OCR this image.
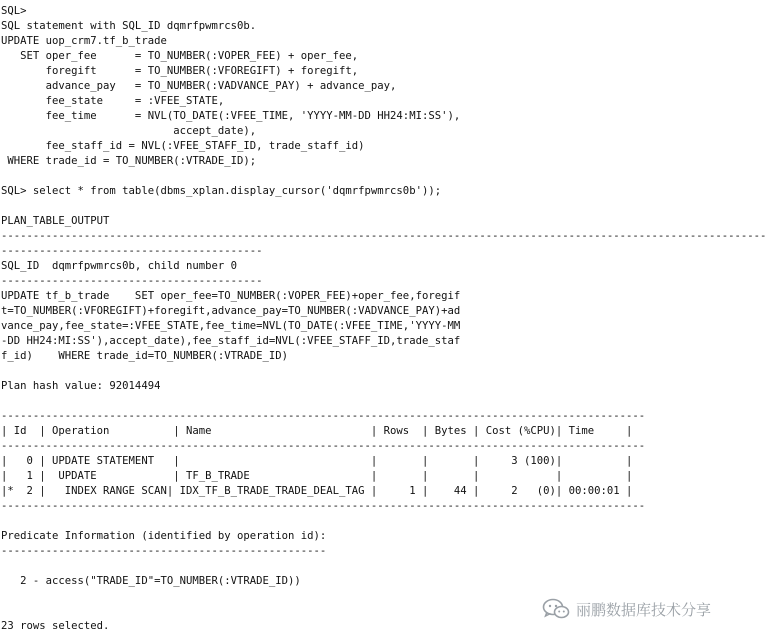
SQL>
SQL statement with SQL_ID dqmrfpwmrcs0b.
UPDATE uop_crm7.tf_b_trade
SET oper_fee      = TO_NUMBER(:VOPER_FEE) + oper_fee,
foregift      = TO_NUMBER(:VFOREGIFT) + foregift,
advance_pay   = TO_NUMBER(:VADVANCE_PAY) + advance_pay,
fee_state     = :VFEE_STATE,
fee_time      = NVL(TO_DATE(:VFEE_TIME, 'YYYY-MM-DD HH24:MI:SS'),
accept_date),
fee_staff_id = NVL(:VFEE_STAFF_ID, trade_staff_id)
WHERE trade_id = TO_NUMBER(:VTRADE_ID);
SQL> select * from table(dbms_xplan.display_cursor('dqmrfpwmrcs0b'));
PLAN_TABLE_OUTPUT
------------------------------------------------------------------------------------------------------------------------
-----------------------------------------
SQL_ID  dqmrfpwmrcs0b, child number 0
-----------------------------------------
UPDATE tf_b_trade    SET oper_fee=TO_NUMBER(:VOPER_FEE)+oper_fee,foregif
t=TO_NUMBER(:VFOREGIFT)+foregift,advance_pay=TO_NUMBER(:VADVANCE_PAY)+ad
vance_pay,fee_state=:VFEE_STATE,fee_time=NVL(TO_DATE(:VFEE_TIME,'YYYY-MM
-DD HH24:MI:SS'),accept_date),fee_staff_id=NVL(:VFEE_STAFF_ID,trade_staf
f_id)    WHERE trade_id=TO_NUMBER(:VTRADE_ID)
Plan hash value: 92014494
-----------------------------------------------------------------------------------------------------
| Id  | Operation          | Name                         | Rows  | Bytes | Cost (%CPU)| Time     |
-----------------------------------------------------------------------------------------------------
|   0 | UPDATE STATEMENT   |                              |       |       |     3 (100)|          |
|   1 |  UPDATE            | TF_B_TRADE                   |       |       |            |          |
|*  2 |   INDEX RANGE SCAN| IDX_TF_B_TRADE_TRADE_DEAL_TAG |     1 |    44 |     2   (0)| 00:00:01 |
-----------------------------------------------------------------------------------------------------
Predicate Information (identified by operation id):
---------------------------------------------------
2 - access("TRADE_ID"=TO_NUMBER(:VTRADE_ID))
23 rows selected.
丽鹏数据库技术分享
